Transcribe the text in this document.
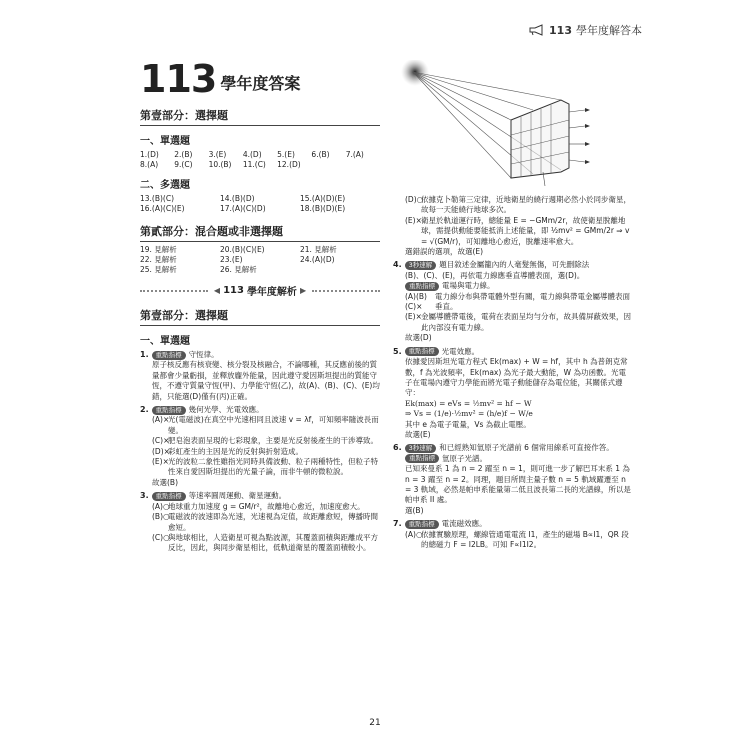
113 學年度解答本
113 學年度答案
第壹部分：選擇題
一、單選題
1.(D)	2.(B)	3.(E)	4.(D)	5.(E)	6.(B)	7.(A)
8.(A)	9.(C)	10.(B)	11.(C)	12.(D)
二、多選題
13.(B)(C)	14.(B)(D)	15.(A)(D)(E)
16.(A)(C)(E)	17.(A)(C)(D)	18.(B)(D)(E)
第貳部分：混合題或非選擇題
19. 見解析	20.(B)(C)(E)	21. 見解析
22. 見解析	23.(E)	24.(A)(D)
25. 見解析	26. 見解析
◀ 113 學年度解析 ▶
第壹部分：選擇題
一、單選題
1.	重點指標 守恆律。
原子核反應有核衰變、核分裂及核融合，不論哪種，其反應前後的質量都會少量虧損，並釋放龐外能量，因此遵守愛因斯坦提出的質能守恆，不遵守質量守恆(甲)、力學能守恆(乙)，故(A)、(B)、(C)、(E)均錯，只能選(D)僅有(丙)正確。
2.	重點指標 幾何光學、光電效應。
(A)×
光(電磁波)在真空中光速相同且波速 v = λf，可知頻率隨波長而變。
(C)×
肥皂泡表面呈現的七彩現象，主要是光反射後產生的干涉導致。
(D)×
彩虹產生的主因是光的反射與折射造成。
(E)× 光的波粒二象性雖指光同時具備波動、粒子兩種特性，但粒子特性來自愛因斯坦提出的光量子論，而非牛頓的微粒說。
故選(B)
3.	重點指標 等速率圓周運動、衛星運動。
(A)○
地球重力加速度 g = GM/r²，故離地心愈近，加速度愈大。
(B)○
電磁波的波速即為光速，光速視為定值，故距離愈短，傳播時間愈短。
(C)○
與地球相比，人造衛星可視為點波源，其覆蓋面積與距離成平方反比，因此，與同步衛星相比，低軌道衛星的覆蓋面積較小。
(D)○
依據克卜勒第三定律，近地衛星的繞行週期必然小於同步衛星，故每一天能繞行地球多次。
(E)× 衛星於軌道運行時，總能量 E = −GMm/2r，故使衛星脫離地球，需提供動能要能抵消上述能量，即 ½mv² = GMm/2r ⇒ v = √(GM/r)，可知離地心愈近，脫離速率愈大。
選錯誤的選項，故選(E)
4.	3秒速解 題目敘述金屬籠內的人毫髮無傷，可先刪除法
(B)、(C)、(E)，再依電力線應垂直導體表面，選(D)。
重點指標 電場與電力線。
(A)(B)(C)×
電力線分布與帶電體外型有關，電力線與帶電金屬導體表面垂直。
(E)× 金屬導體帶電後，電荷在表面呈均勻分布，故具備屏蔽效果，因此內部沒有電力線。
故選(D)
5.	重點指標 光電效應。
依據愛因斯坦光電方程式 Ek(max) + W = hf，其中 h 為普朗克常數，f 為光波頻率，Ek(max) 為光子最大動能，W 為功函數。光電子在電場內遵守力學能而將光電子動能儲存為電位能，其關係式遵守：
Ek(max) = eVs = ½mv² = hf − W
⇒ Vs = (1/e)·½mv² = (h/e)f − W/e
其中 e 為電子電量，Vs 為截止電壓。
故選(E)
6.	3秒速解 和已經熟知氫原子光譜前 6 個常用線系可直接作答。
重點指標 氫原子光譜。
已知來曼系 1 為 n = 2 躍至 n = 1，則可進一步了解巴耳末系 1 為 n = 3 躍至 n = 2。同理，題目所問主量子數 n = 5 軌域躍遷至 n = 3 軌域，必然是帕申系能量第二低且波長第二長的光譜線，所以是帕申系 II 處。
選(B)
7.	重點指標 電流磁效應。
(A)○
依據實驗原理，螺線管通電電流 I1，產生的磁場 B∝I1，QR 段的總磁力 F = I2LB。可知 F∝I1I2。
21
